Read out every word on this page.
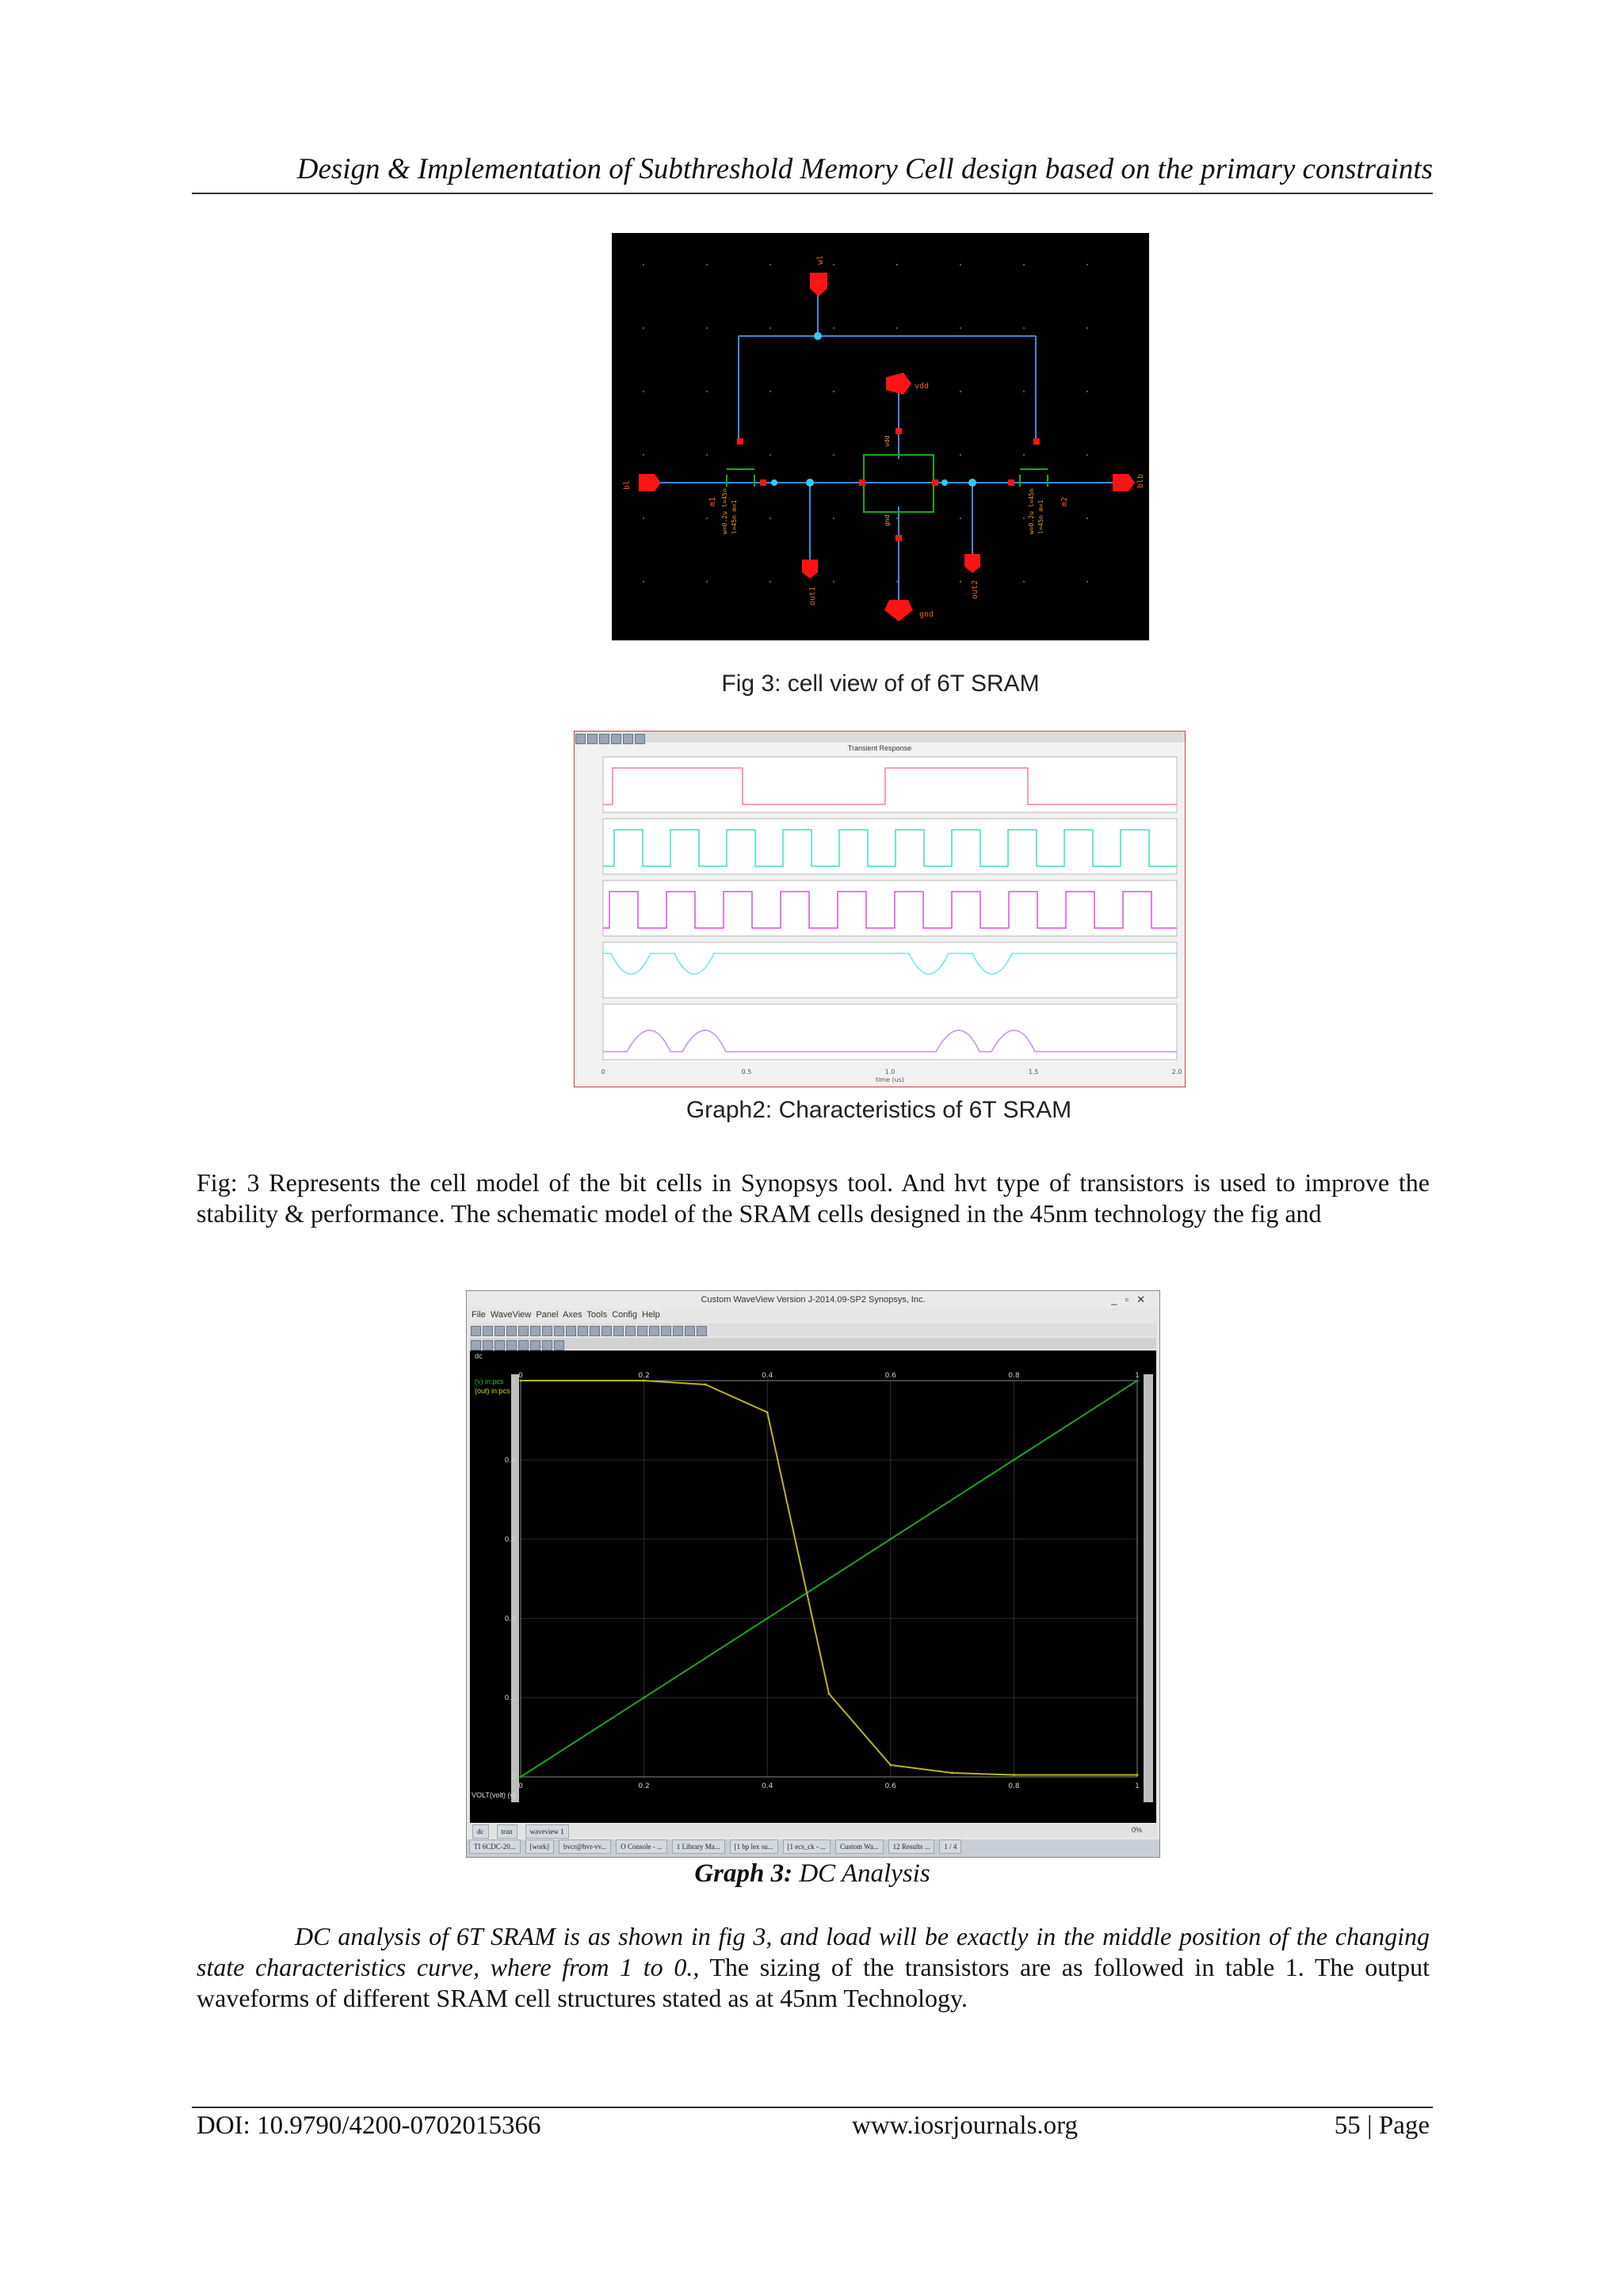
Design & Implementation of Subthreshold Memory Cell design based on the primary constraints
wl
vdd
bl	blb
gnd
out1	out2
m1	m2
w=0.2u l=45n l=45n m=1	w=0.2u l=45n l=45n m=1
vdd
gnd
Fig 3: cell view of of 6T SRAM
Transient Response
0	0.5	1.0	1.5	2.0
time (us)
Graph2: Characteristics of 6T SRAM
Fig: 3 Represents the cell model of the bit cells in Synopsys tool. And hvt type of transistors is used to improve the stability & performance. The schematic model of the SRAM cells designed in the 45nm technology the fig and
Custom WaveView Version J-2014.09-SP2 Synopsys, Inc.	_▫✕
File WaveView Panel Axes Tools Config Help
dc
(v) in:pcs
(out) in:pcs
VOLT(volt) (v)
0
0
0.2
0.2
0.4
0.4
0.6
0.6
0.8
0.8
1
1
0
0.2
0.4
0.6
0.8
1
dc tran waveview 1	0%
TI 6CDC-20... [work] bvcr@bvr-vv... O Console - ... 1 Library Ma... [1 bp lex su... [1 ecs_ck - ... Custom Wa... 12 Results ... 1 / 4
Graph 3: DC Analysis
DC analysis of 6T SRAM is as shown in fig 3, and load will be exactly in the middle position of the changing state characteristics curve, where from 1 to 0., The sizing of the transistors are as followed in table 1. The output waveforms of different SRAM cell structures stated as at 45nm Technology.
DOI: 10.9790/4200-0702015366	www.iosrjournals.org	55 | Page
